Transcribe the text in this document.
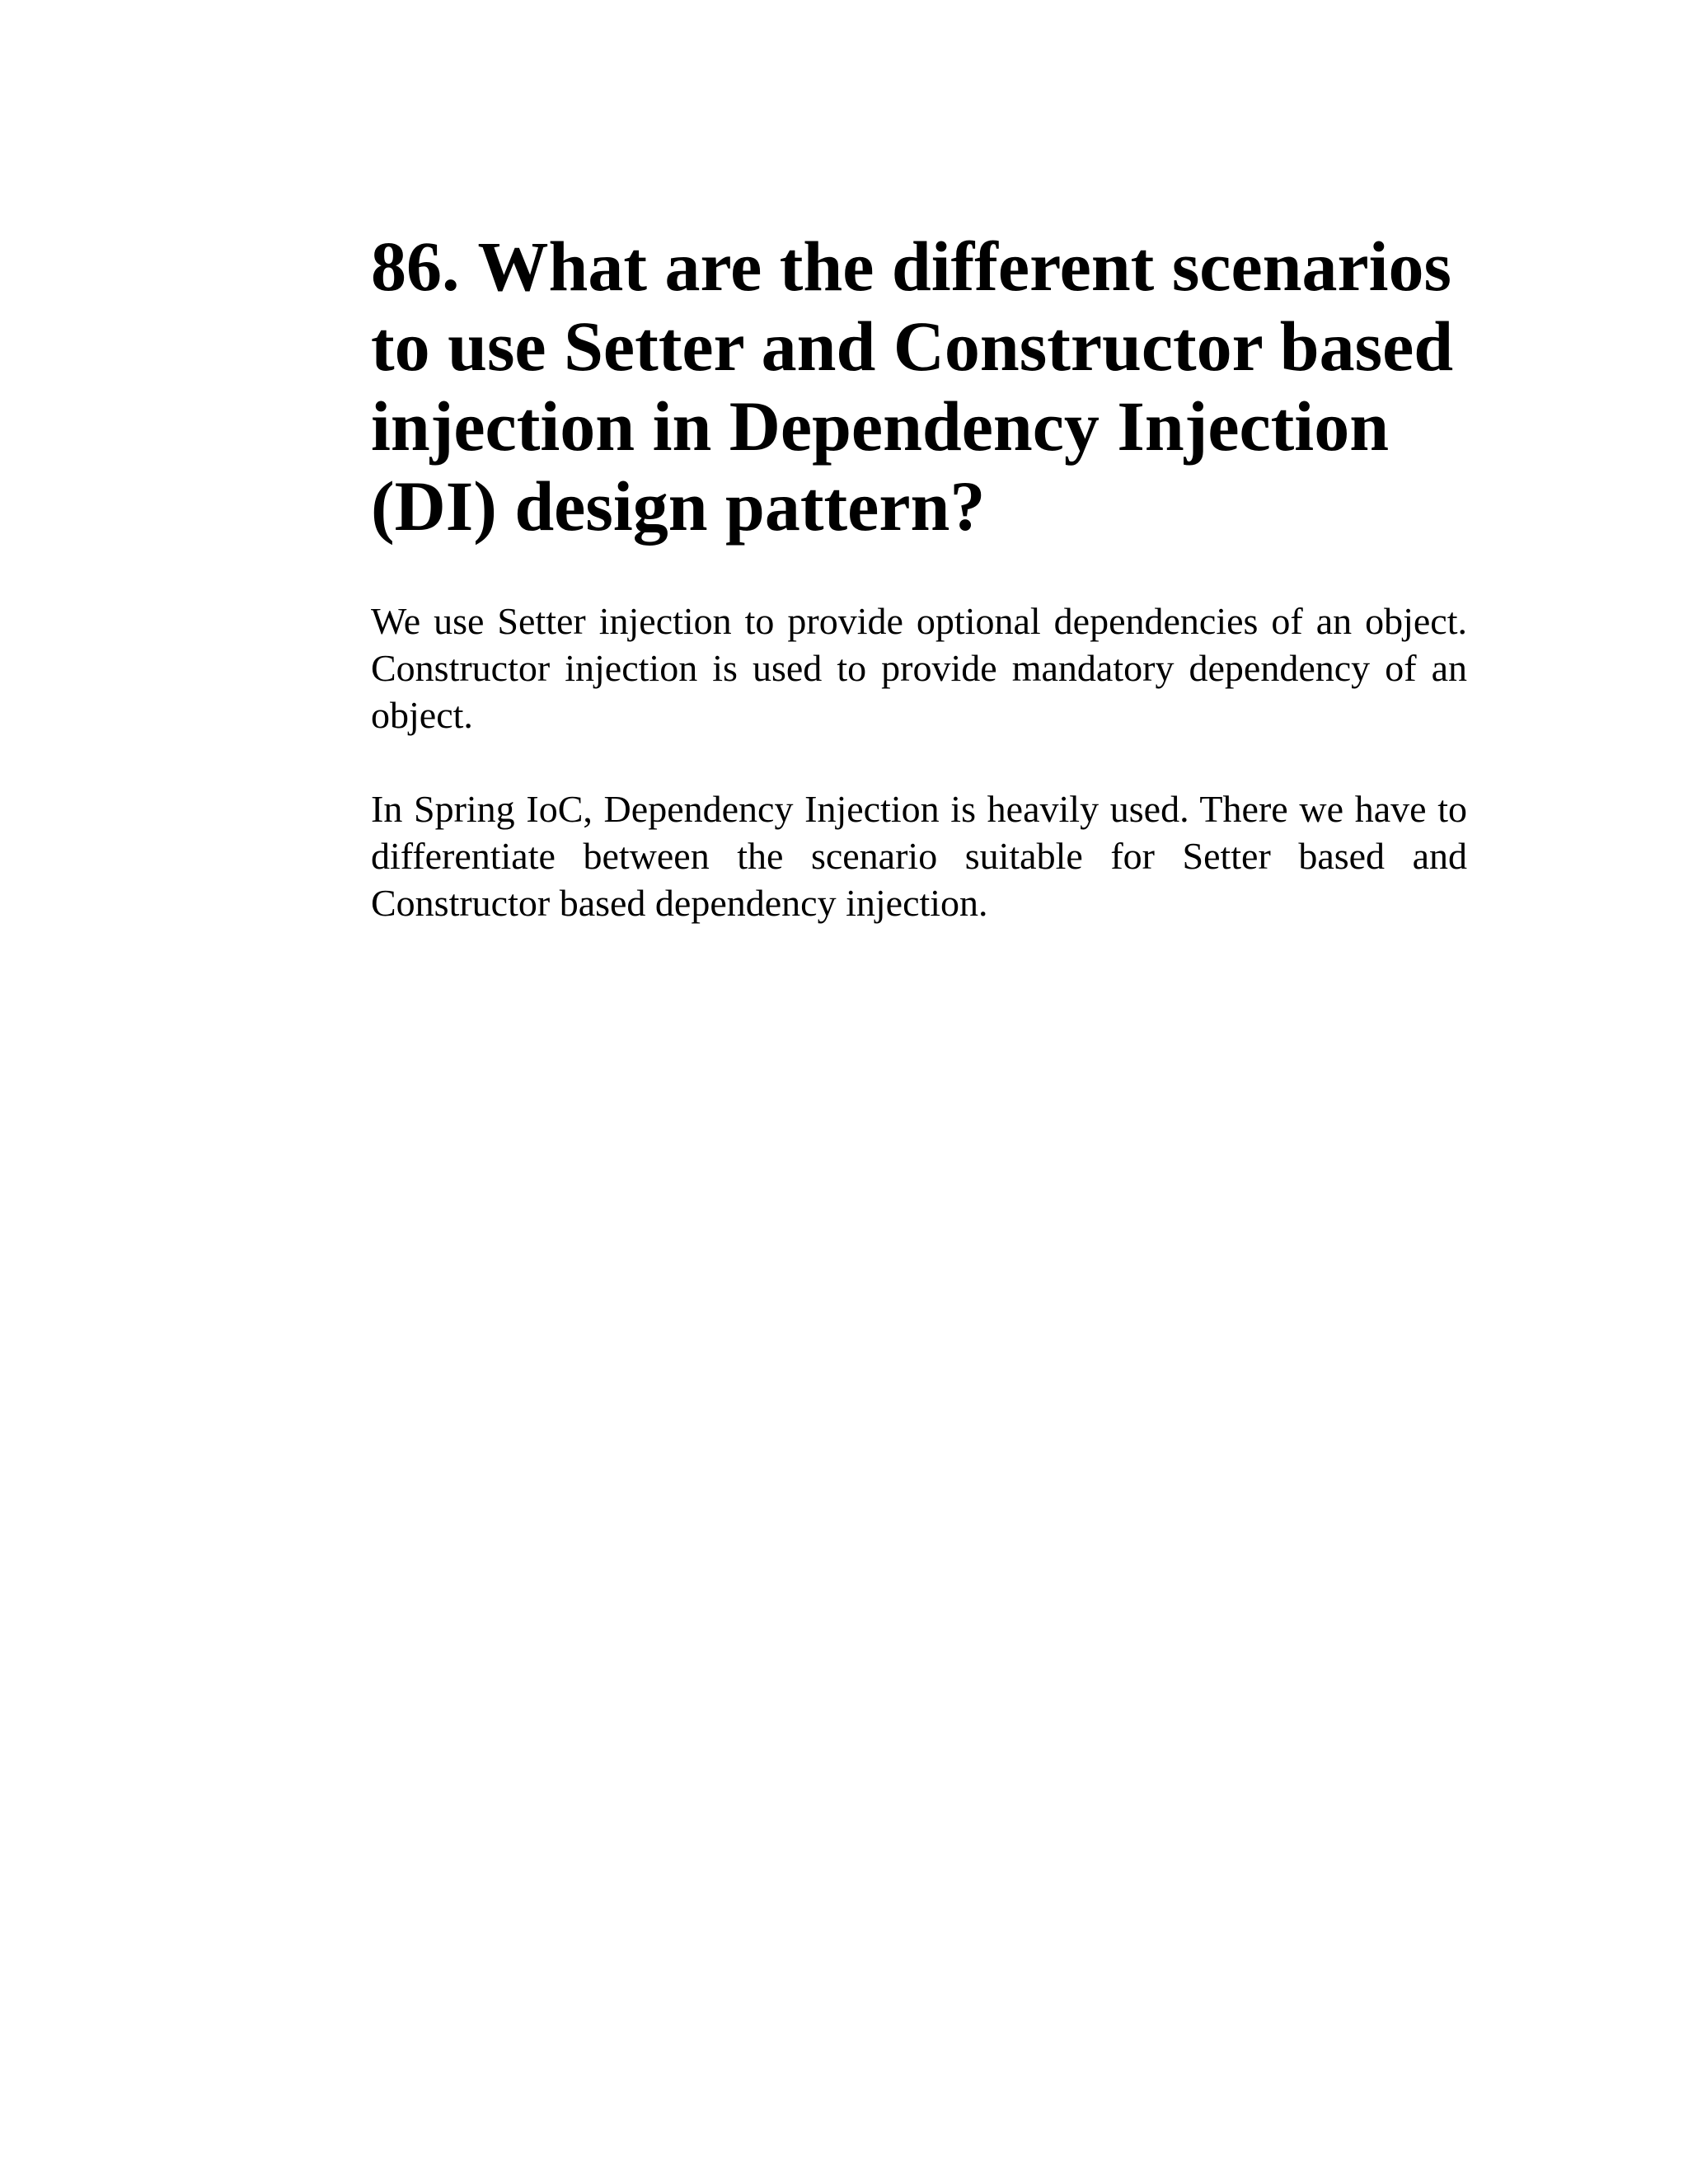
86. What are the different scenarios to use Setter and Constructor based injection in Dependency Injection (DI) design pattern?

We use Setter injection to provide optional dependencies of an object. Constructor injection is used to provide mandatory dependency of an object.

In Spring IoC, Dependency Injection is heavily used. There we have to differentiate between the scenario suitable for Setter based and Constructor based dependency injection.
